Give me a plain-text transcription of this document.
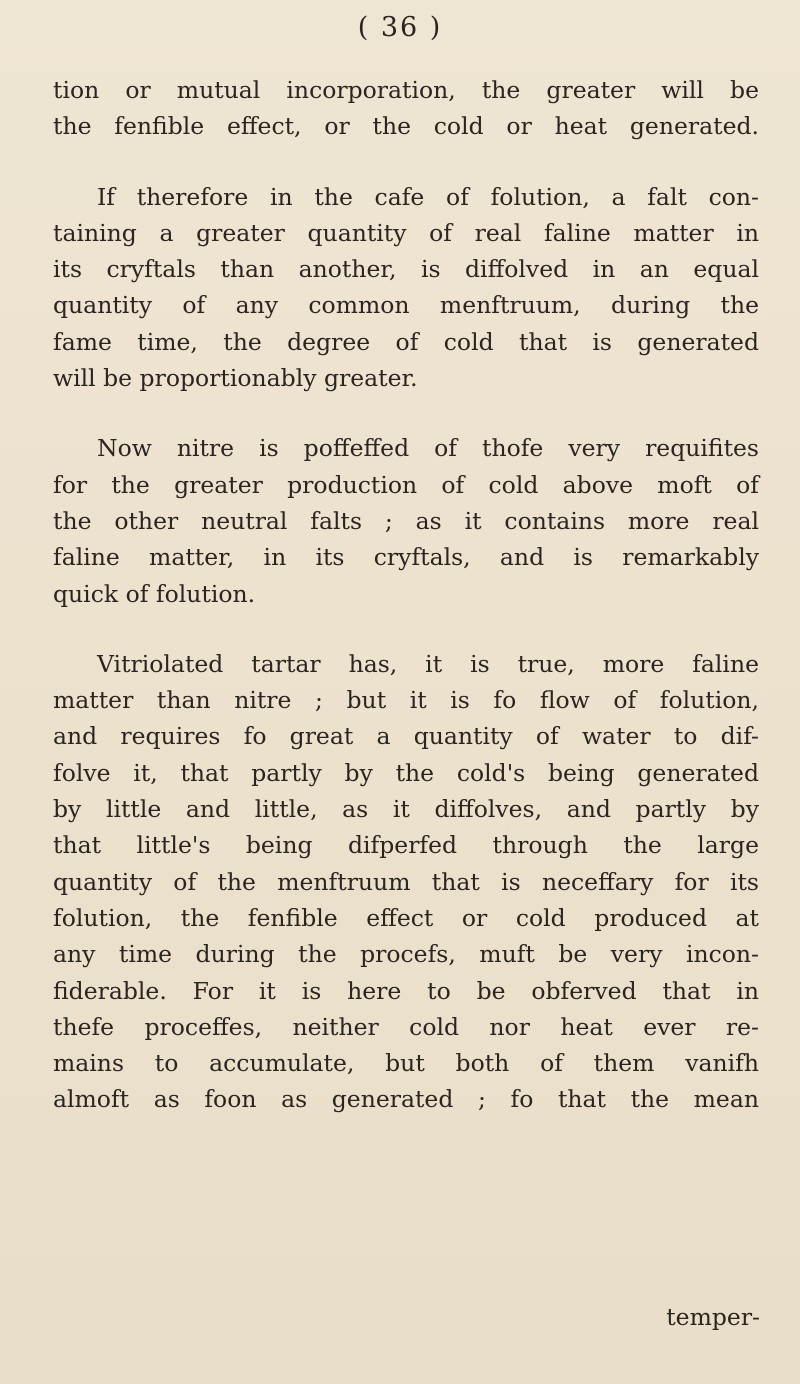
( 36 )
tion or mutual incorporation, the greater will be
the fenfible effect, or the cold or heat generated.
If therefore in the cafe of folution, a falt con-
taining a greater quantity of real faline matter in
its cryftals than another, is diffolved in an equal
quantity of any common menftruum, during the
fame time, the degree of cold that is generated
will be proportionably greater.
Now nitre is poffeffed of thofe very requifites
for the greater production of cold above moft of
the other neutral falts ; as it contains more real
faline matter, in its cryftals, and is remarkably
quick of folution.
Vitriolated tartar has, it is true, more faline
matter than nitre ; but it is fo flow of folution,
and requires fo great a quantity of water to dif-
folve it, that partly by the cold's being generated
by little and little, as it diffolves, and partly by
that little's being difperfed through the large
quantity of the menftruum that is neceffary for its
folution, the fenfible effect or cold produced at
any time during the procefs, muft be very incon-
fiderable. For it is here to be obferved that in
thefe proceffes, neither cold nor heat ever re-
mains to accumulate, but both of them vanifh
almoft as foon as generated ; fo that the mean
temper-
